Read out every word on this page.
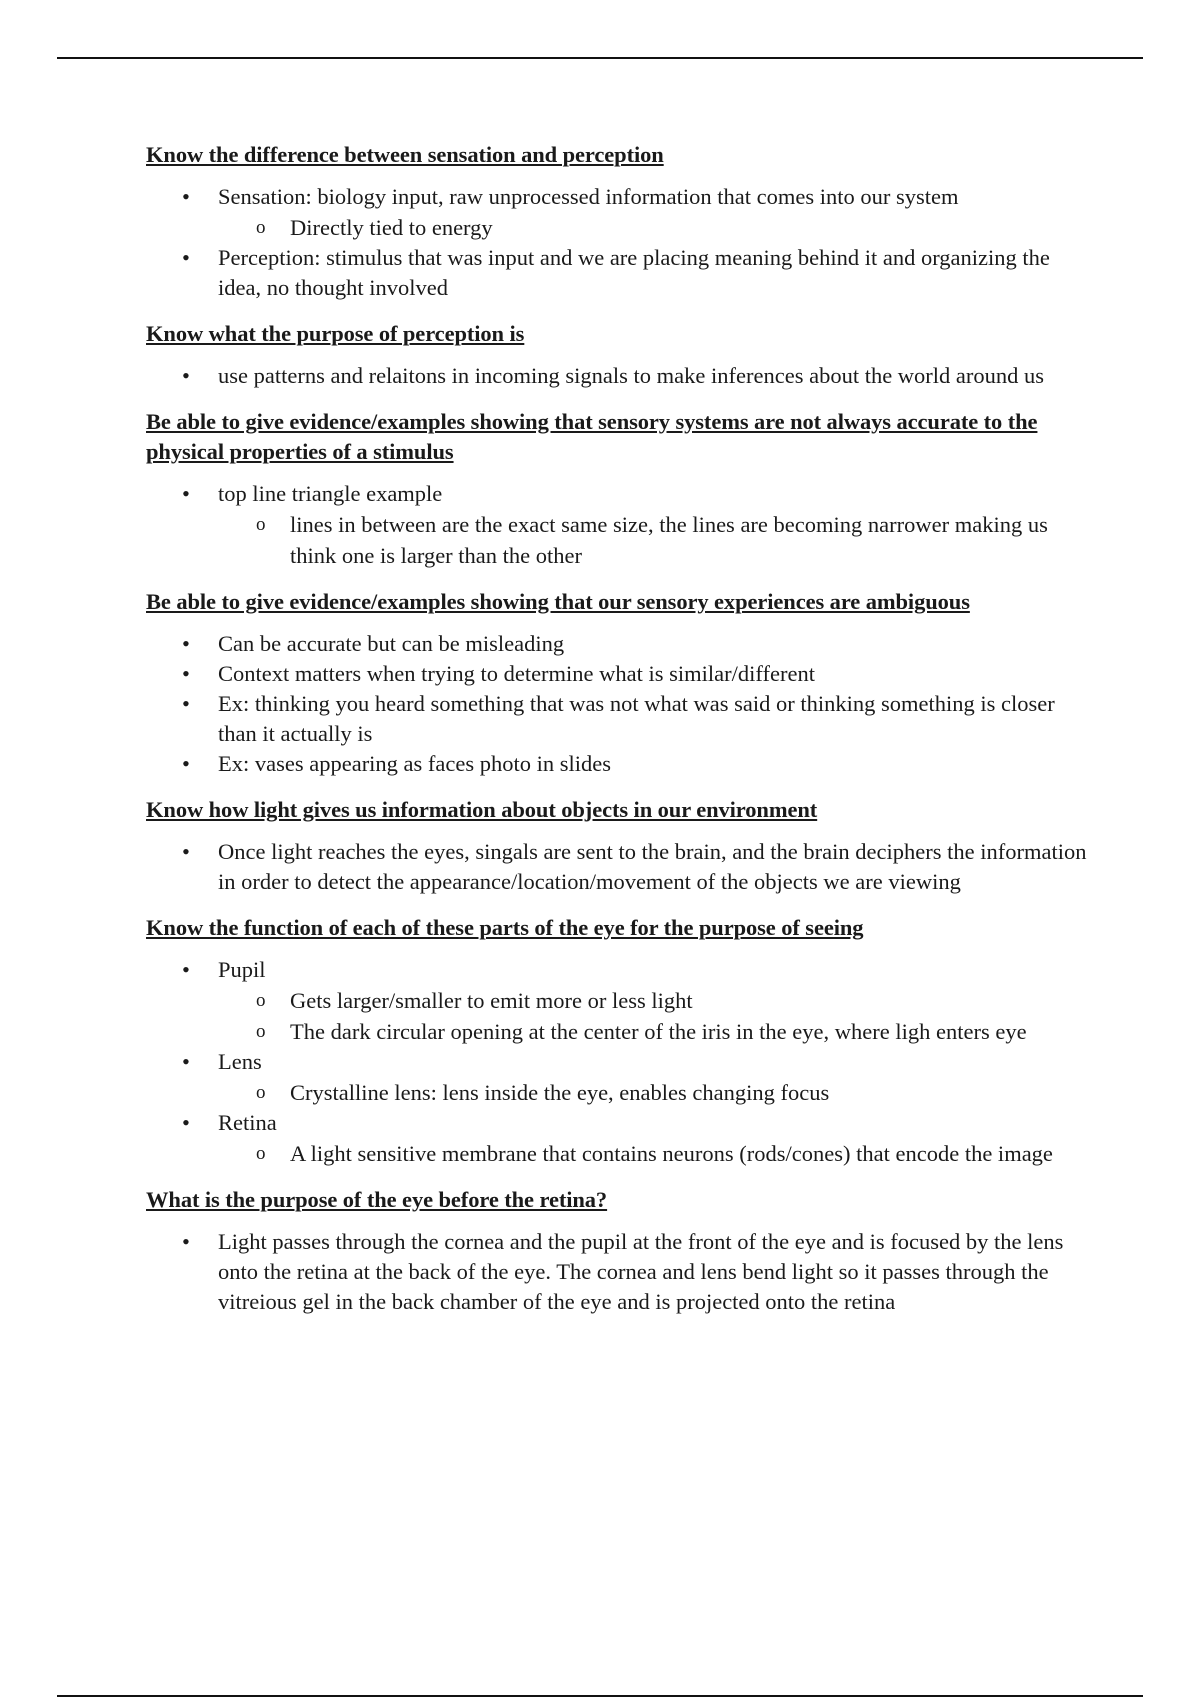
Know the difference between sensation and perception
• Sensation: biology input, raw unprocessed information that comes into our system
o Directly tied to energy
• Perception: stimulus that was input and we are placing meaning behind it and organizing the idea, no thought involved
Know what the purpose of perception is
• use patterns and relaitons in incoming signals to make inferences about the world around us
Be able to give evidence/examples showing that sensory systems are not always accurate to the physical properties of a stimulus
• top line triangle example
o lines in between are the exact same size, the lines are becoming narrower making us think one is larger than the other
Be able to give evidence/examples showing that our sensory experiences are ambiguous
• Can be accurate but can be misleading
• Context matters when trying to determine what is similar/different
• Ex: thinking you heard something that was not what was said or thinking something is closer than it actually is
• Ex: vases appearing as faces photo in slides
Know how light gives us information about objects in our environment
• Once light reaches the eyes, singals are sent to the brain, and the brain deciphers the information in order to detect the appearance/location/movement of the objects we are viewing
Know the function of each of these parts of the eye for the purpose of seeing
• Pupil
o Gets larger/smaller to emit more or less light
o The dark circular opening at the center of the iris in the eye, where ligh enters eye
• Lens
o Crystalline lens: lens inside the eye, enables changing focus
• Retina
o A light sensitive membrane that contains neurons (rods/cones) that encode the image
What is the purpose of the eye before the retina?
• Light passes through the cornea and the pupil at the front of the eye and is focused by the lens onto the retina at the back of the eye. The cornea and lens bend light so it passes through the vitreious gel in the back chamber of the eye and is projected onto the retina
